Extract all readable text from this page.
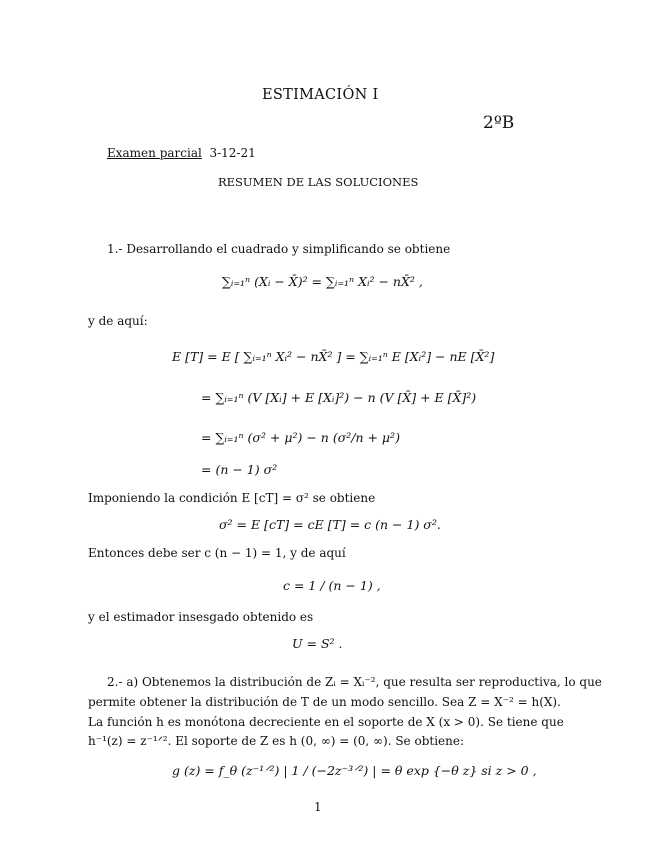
ESTIMACIÓN I
2ºB
Examen parcial 3-12-21
RESUMEN DE LAS SOLUCIONES
1.- Desarrollando el cuadrado y simplificando se obtiene
∑ᵢ₌₁ⁿ (Xᵢ − X̄)² = ∑ᵢ₌₁ⁿ Xᵢ² − nX̄² ,
y de aquí:
E [T] = E [ ∑ᵢ₌₁ⁿ Xᵢ² − nX̄² ] = ∑ᵢ₌₁ⁿ E [Xᵢ²] − nE [X̄²]
= ∑ᵢ₌₁ⁿ (V [Xᵢ] + E [Xᵢ]²) − n (V [X̄] + E [X̄]²)
= ∑ᵢ₌₁ⁿ (σ² + μ²) − n (σ²/n + μ²)
= (n − 1) σ²
Imponiendo la condición E [cT] = σ² se obtiene
σ² = E [cT] = cE [T] = c (n − 1) σ².
Entonces debe ser c (n − 1) = 1, y de aquí
c = 1 / (n − 1) ,
y el estimador insesgado obtenido es
U = S² .
2.- a) Obtenemos la distribución de Zᵢ = Xᵢ⁻², que resulta ser reproductiva, lo que
permite obtener la distribución de T de un modo sencillo. Sea Z = X⁻² = h(X).
La función h es monótona decreciente en el soporte de X (x > 0). Se tiene que
h⁻¹(z) = z⁻¹ᐟ². El soporte de Z es h (0, ∞) = (0, ∞). Se obtiene:
g (z) = f_θ (z⁻¹ᐟ²) | 1 / (−2z⁻³ᐟ²) | = θ exp {−θ z} si z > 0 ,
1
